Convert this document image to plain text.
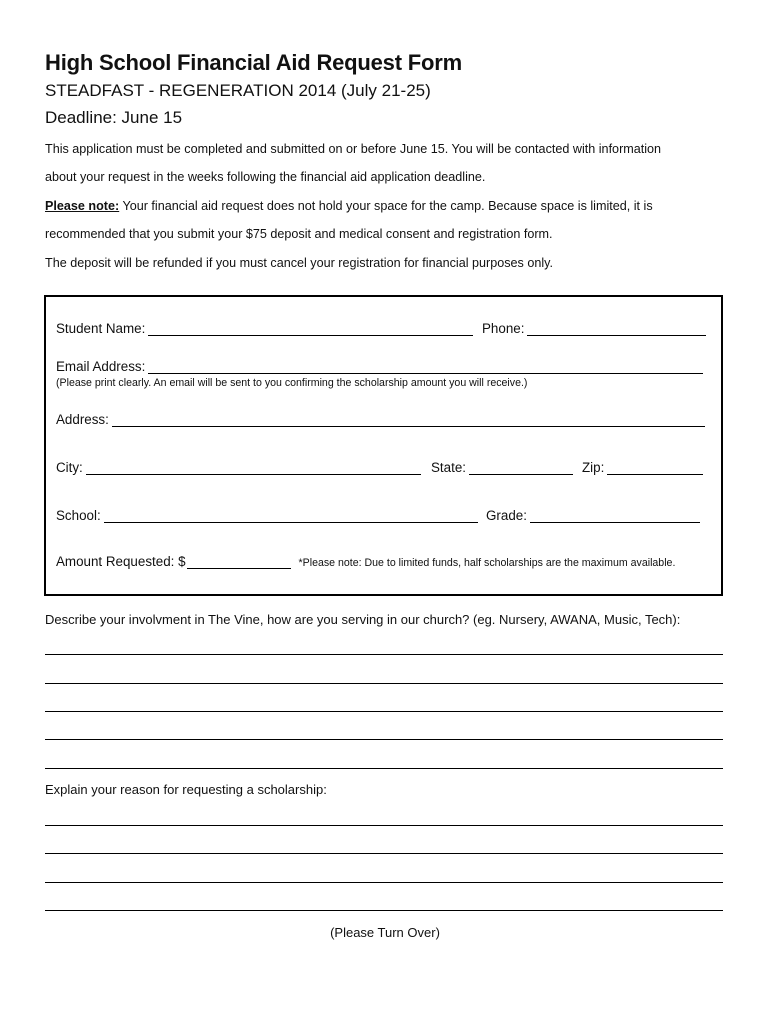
High School Financial Aid Request Form
STEADFAST - REGENERATION 2014 (July 21-25)
Deadline: June 15
This application must be completed and submitted on or before June 15. You will be contacted with information
about your request in the weeks following the financial aid application deadline.
Please note: Your financial aid request does not hold your space for the camp. Because space is limited, it is
recommended that you submit your $75 deposit and medical consent and registration form.
The deposit will be refunded if you must cancel your registration for financial purposes only.
Student Name:	Phone:
Email Address:
(Please print clearly. An email will be sent to you confirming the scholarship amount you will receive.)
Address:
City:	State:	Zip:
School:	Grade:
Amount Requested: $	*Please note: Due to limited funds, half scholarships are the maximum available.
Describe your involvment in The Vine, how are you serving in our church? (eg. Nursery, AWANA, Music, Tech):
Explain your reason for requesting a scholarship:
(Please Turn Over)
